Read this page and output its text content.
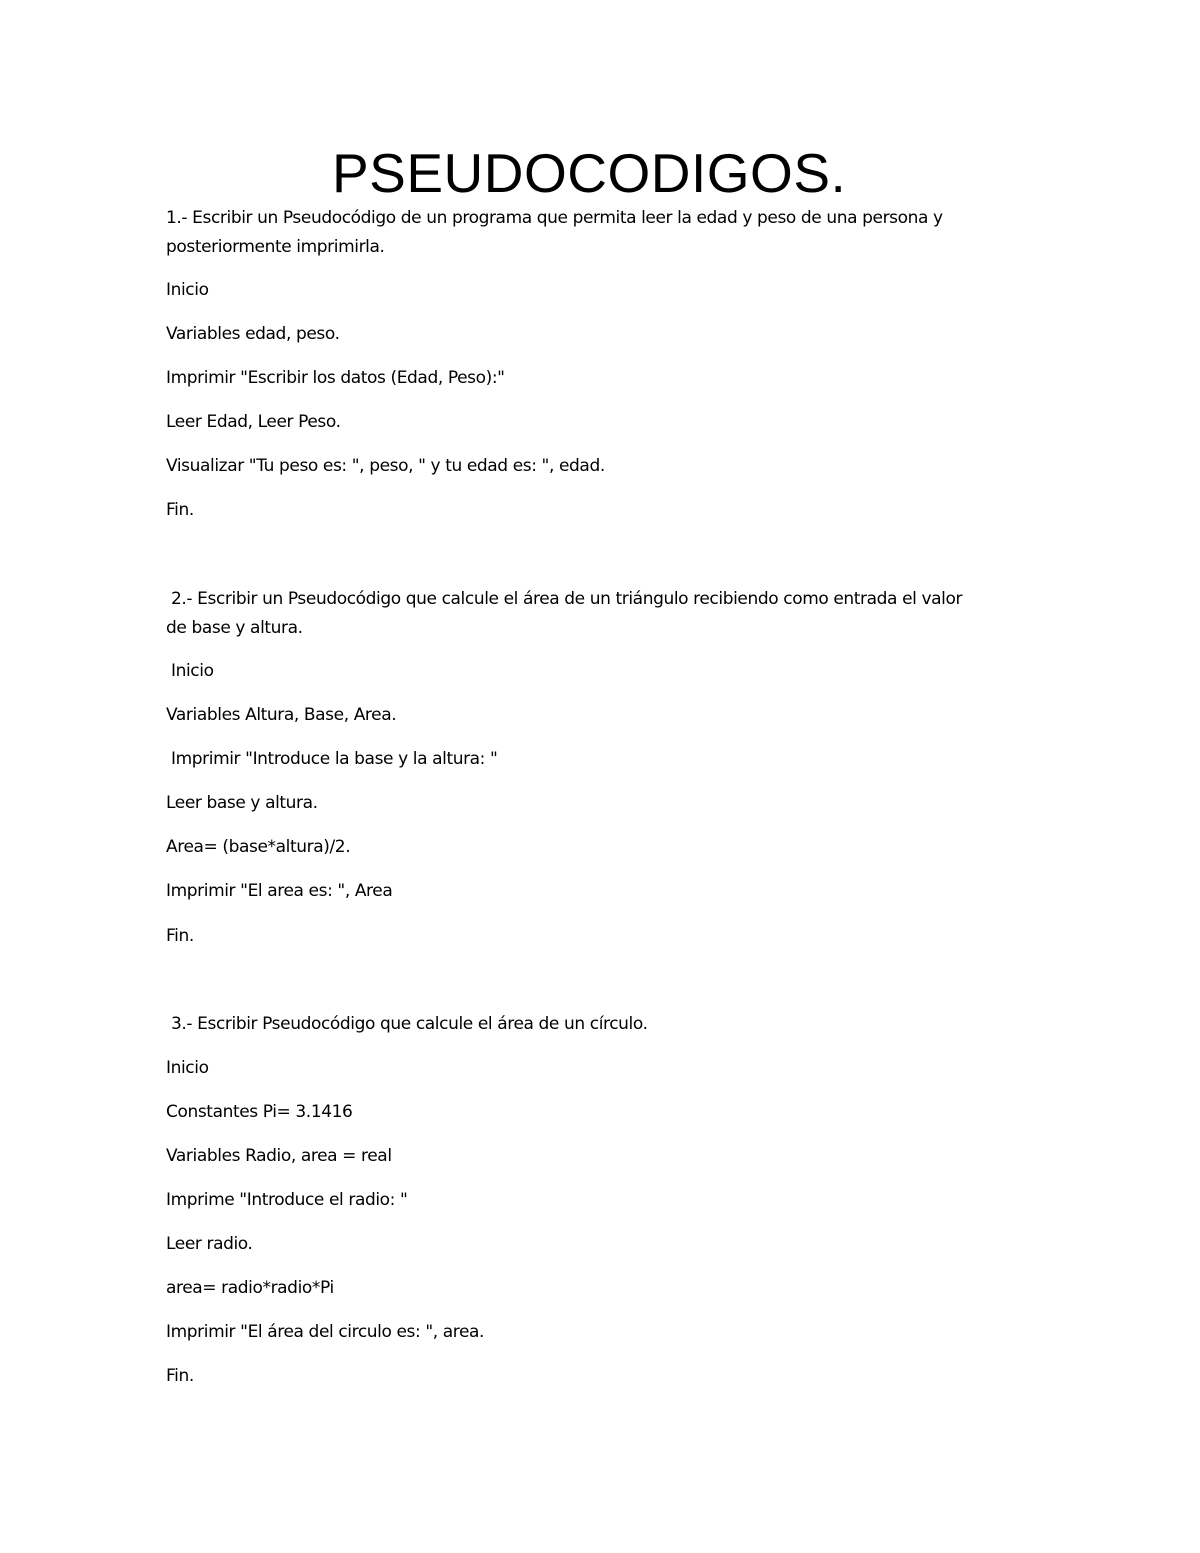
PSEUDOCODIGOS.
1.- Escribir un Pseudocódigo de un programa que permita leer la edad y peso de una persona y
posteriormente imprimirla.
Inicio
Variables edad, peso.
Imprimir "Escribir los datos (Edad, Peso):"
Leer Edad, Leer Peso.
Visualizar "Tu peso es: ", peso, " y tu edad es: ", edad.
Fin.
2.- Escribir un Pseudocódigo que calcule el área de un triángulo recibiendo como entrada el valor
de base y altura.
Inicio
Variables Altura, Base, Area.
Imprimir "Introduce la base y la altura: "
Leer base y altura.
Area= (base*altura)/2.
Imprimir "El area es: ", Area
Fin.
3.- Escribir Pseudocódigo que calcule el área de un círculo.
Inicio
Constantes Pi= 3.1416
Variables Radio, area = real
Imprime "Introduce el radio: "
Leer radio.
area= radio*radio*Pi
Imprimir "El área del circulo es: ", area.
Fin.
